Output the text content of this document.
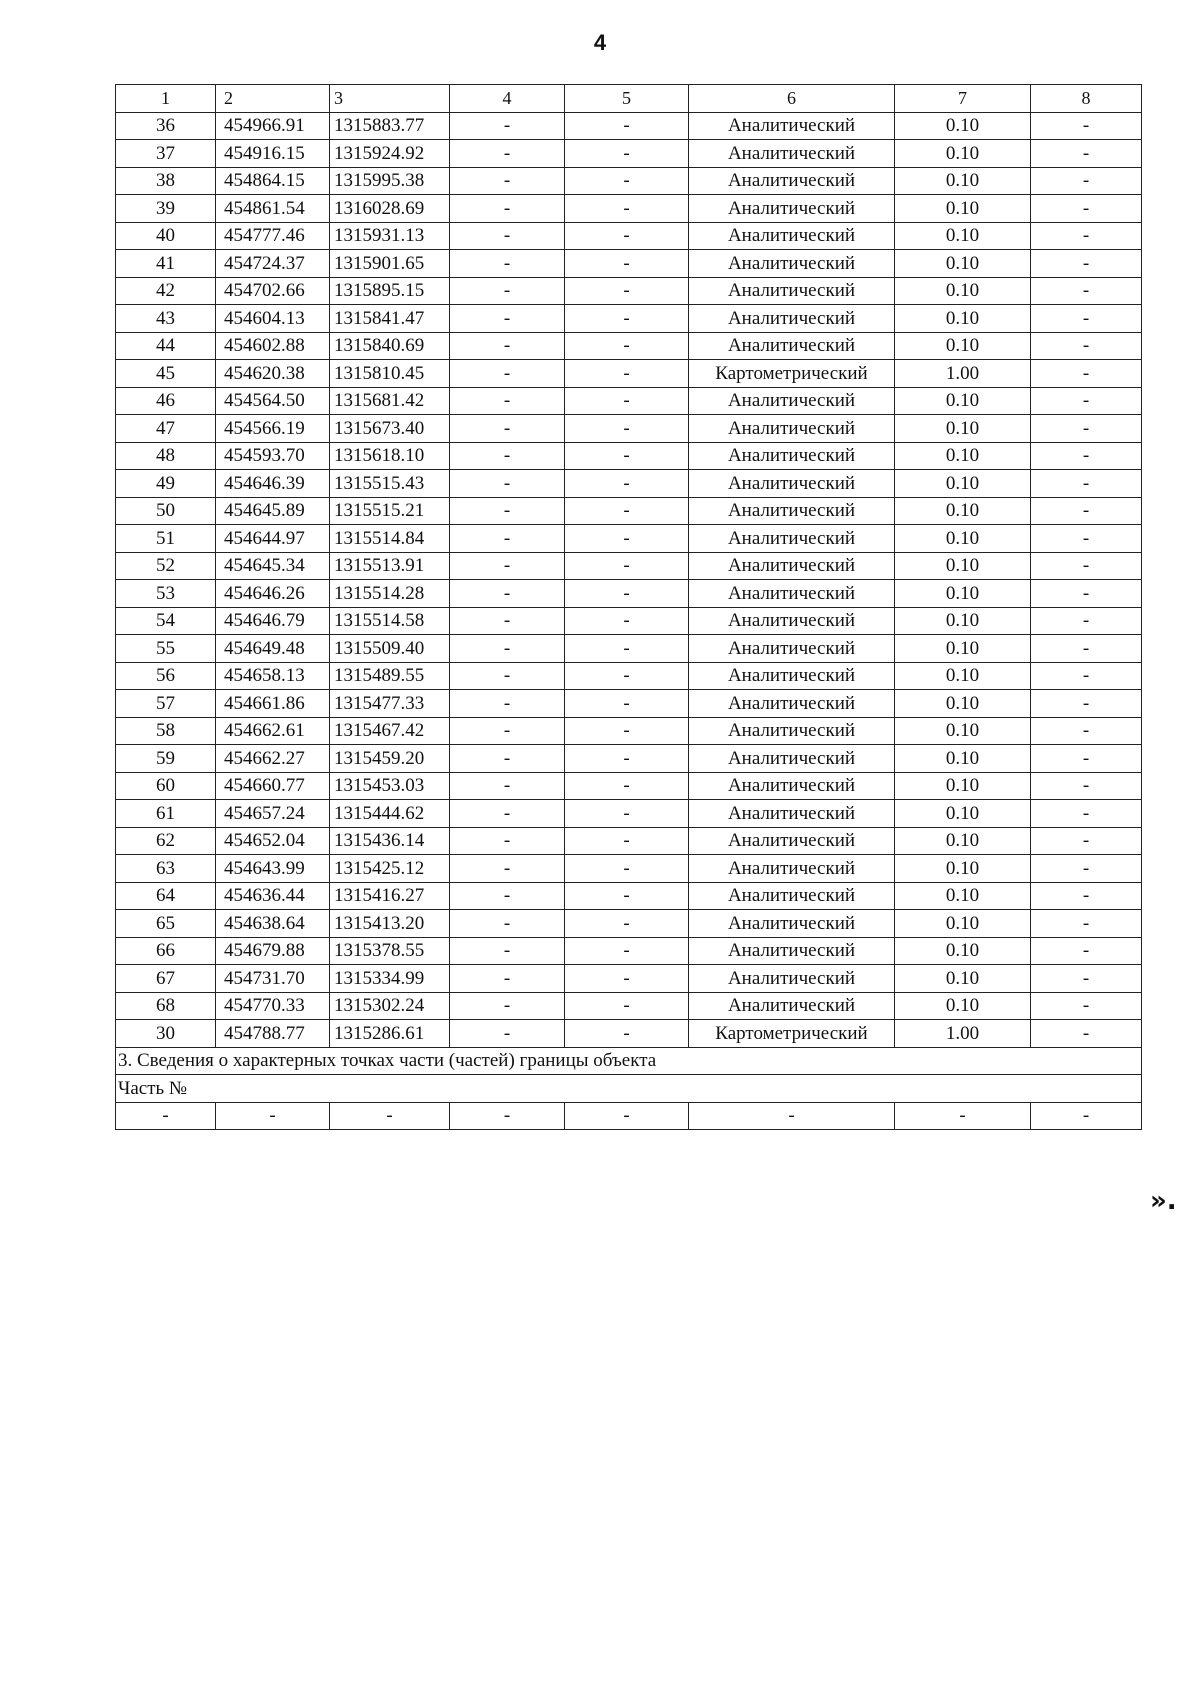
4
1	2	3	4	5	6	7	8
36	454966.91	1315883.77	-	-	Аналитический	0.10	-
37	454916.15	1315924.92	-	-	Аналитический	0.10	-
38	454864.15	1315995.38	-	-	Аналитический	0.10	-
39	454861.54	1316028.69	-	-	Аналитический	0.10	-
40	454777.46	1315931.13	-	-	Аналитический	0.10	-
41	454724.37	1315901.65	-	-	Аналитический	0.10	-
42	454702.66	1315895.15	-	-	Аналитический	0.10	-
43	454604.13	1315841.47	-	-	Аналитический	0.10	-
44	454602.88	1315840.69	-	-	Аналитический	0.10	-
45	454620.38	1315810.45	-	-	Картометрический	1.00	-
46	454564.50	1315681.42	-	-	Аналитический	0.10	-
47	454566.19	1315673.40	-	-	Аналитический	0.10	-
48	454593.70	1315618.10	-	-	Аналитический	0.10	-
49	454646.39	1315515.43	-	-	Аналитический	0.10	-
50	454645.89	1315515.21	-	-	Аналитический	0.10	-
51	454644.97	1315514.84	-	-	Аналитический	0.10	-
52	454645.34	1315513.91	-	-	Аналитический	0.10	-
53	454646.26	1315514.28	-	-	Аналитический	0.10	-
54	454646.79	1315514.58	-	-	Аналитический	0.10	-
55	454649.48	1315509.40	-	-	Аналитический	0.10	-
56	454658.13	1315489.55	-	-	Аналитический	0.10	-
57	454661.86	1315477.33	-	-	Аналитический	0.10	-
58	454662.61	1315467.42	-	-	Аналитический	0.10	-
59	454662.27	1315459.20	-	-	Аналитический	0.10	-
60	454660.77	1315453.03	-	-	Аналитический	0.10	-
61	454657.24	1315444.62	-	-	Аналитический	0.10	-
62	454652.04	1315436.14	-	-	Аналитический	0.10	-
63	454643.99	1315425.12	-	-	Аналитический	0.10	-
64	454636.44	1315416.27	-	-	Аналитический	0.10	-
65	454638.64	1315413.20	-	-	Аналитический	0.10	-
66	454679.88	1315378.55	-	-	Аналитический	0.10	-
67	454731.70	1315334.99	-	-	Аналитический	0.10	-
68	454770.33	1315302.24	-	-	Аналитический	0.10	-
30	454788.77	1315286.61	-	-	Картометрический	1.00	-
3. Сведения о характерных точках части (частей) границы объекта							
Часть №							
-	-	-	-	-	-	-	-
».
